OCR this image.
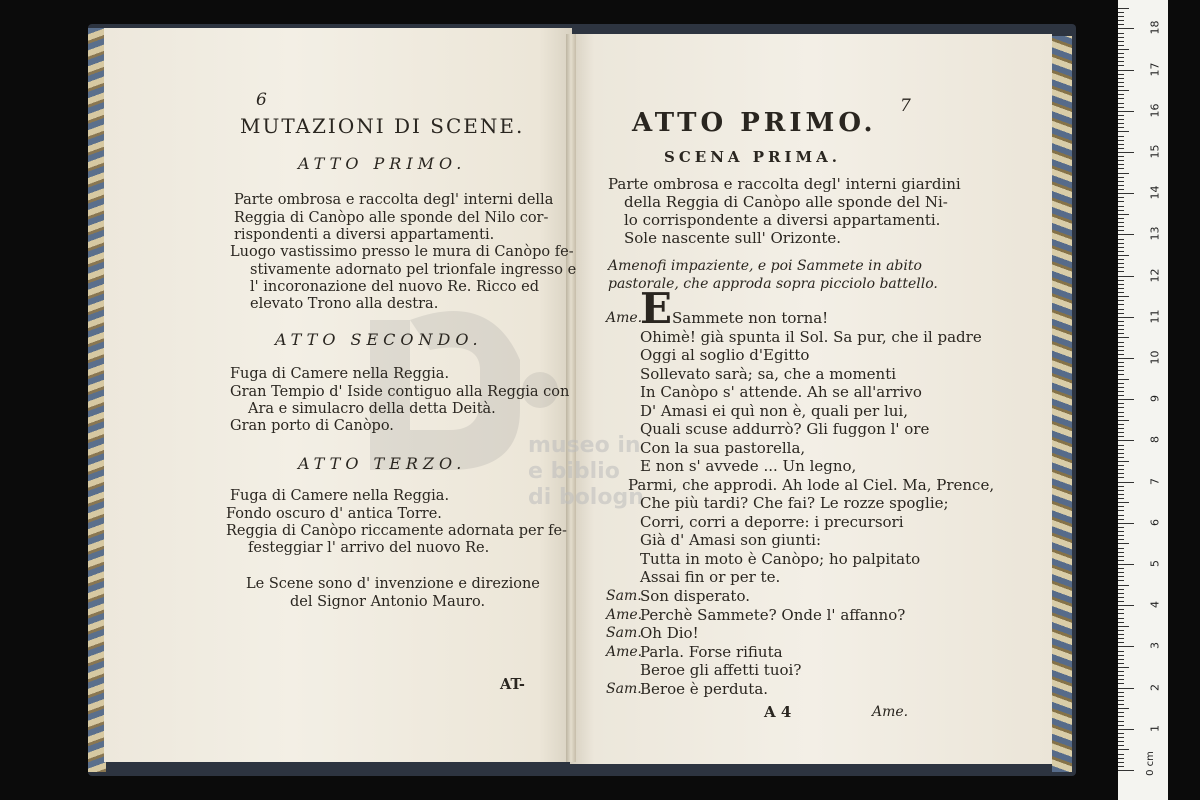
museo in
e biblio
di bologn
6
MUTAZIONI DI SCENE.
ATTO PRIMO.
Parte ombrosa e raccolta degl' interni della
Reggia di Canòpo alle sponde del Nilo cor-
rispondenti a diversi appartamenti.
Luogo vastissimo presso le mura di Canòpo fe-
stivamente adornato pel trionfale ingresso e
l' incoronazione del nuovo Re. Ricco ed
elevato Trono alla destra.
ATTO SECONDO.
Fuga di Camere nella Reggia.
Gran Tempio d' Iside contiguo alla Reggia con
Ara e simulacro della detta Deità.
Gran porto di Canòpo.
ATTO TERZO.
Fuga di Camere nella Reggia.
Fondo oscuro d' antica Torre.
Reggia di Canòpo riccamente adornata per fe-
festeggiar l' arrivo del nuovo Re.
Le Scene sono d' invenzione e direzione
del Signor Antonio Mauro.
AT-
ATTO PRIMO.
7
SCENA PRIMA.
Parte ombrosa e raccolta degl' interni giardini
della Reggia di Canòpo alle sponde del Ni-
lo corrispondente a diversi appartamenti.
Sole nascente sull' Orizonte.
Amenofi impaziente, e poi Sammete in abito
pastorale, che approda sopra picciolo battello.
Ame.
E Sammete non torna!
Ohimè! già spunta il Sol. Sa pur, che il padre
Oggi al soglio d'Egitto
Sollevato sarà; sa, che a momenti
In Canòpo s' attende. Ah se all'arrivo
D' Amasi ei quì non è, quali per lui,
Quali scuse addurrò? Gli fuggon l' ore
Con la sua pastorella,
E non s' avvede ... Un legno,
Parmi, che approdi. Ah lode al Ciel. Ma, Prence,
Che più tardi? Che fai? Le rozze spoglie;
Corri, corri a deporre: i precursori
Già d' Amasi son giunti:
Tutta in moto è Canòpo; ho palpitato
Assai fin or per te.
Sam.
Son disperato.
Ame.
Perchè Sammete? Onde l' affanno?
Sam.
Oh Dio!
Ame.
Parla. Forse rifiuta
Beroe gli affetti tuoi?
Sam.
Beroe è perduta.
A 4	Ame.
0 cm
1
2
3
4
5
6
7
8
9
10
11
12
13
14
15
16
17
18
